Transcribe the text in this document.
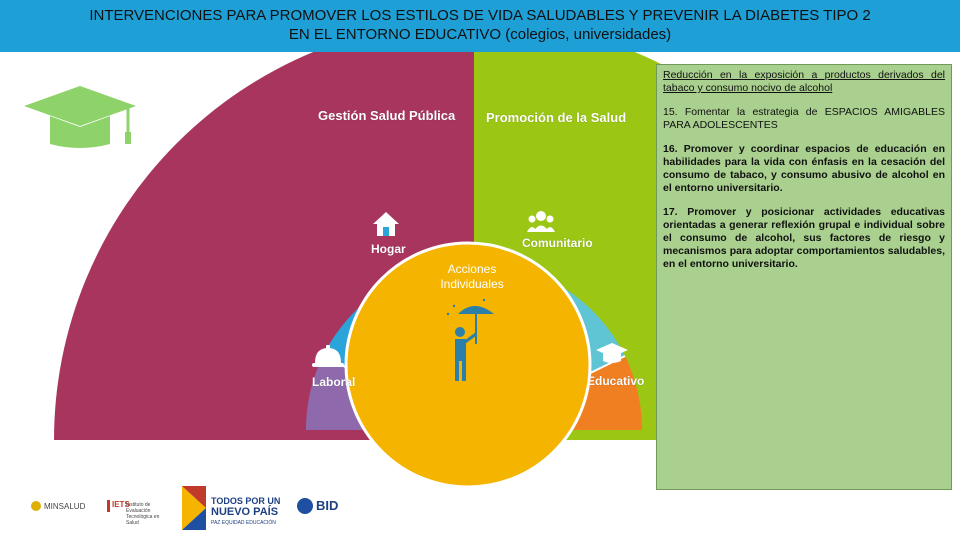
INTERVENCIONES PARA PROMOVER LOS ESTILOS DE VIDA SALUDABLES Y PREVENIR LA DIABETES TIPO 2
EN EL ENTORNO EDUCATIVO (colegios, universidades)
Gestión Salud Pública Promoción de la Salud
Hogar	Comunitario
Laboral	Educativo
Acciones Individuales

Reducción en la exposición a productos derivados del tabaco y consumo nocivo de alcohol

15. Fomentar la estrategia de ESPACIOS AMIGABLES PARA ADOLESCENTES

16. Promover y coordinar espacios de educación en habilidades para la vida con énfasis en la cesación del consumo de tabaco, y consumo abusivo de alcohol en el entorno universitario.

17. Promover y posicionar actividades educativas orientadas a generar reflexión grupal e individual sobre el consumo de alcohol, sus factores de riesgo y mecanismos para adoptar comportamientos saludables, en el entorno universitario.

MINSALUD	IETS
Instituto de Evaluación Tecnológica en Salud
TODOS POR UN
NUEVO PAÍS
PAZ EQUIDAD EDUCACIÓN
BID
